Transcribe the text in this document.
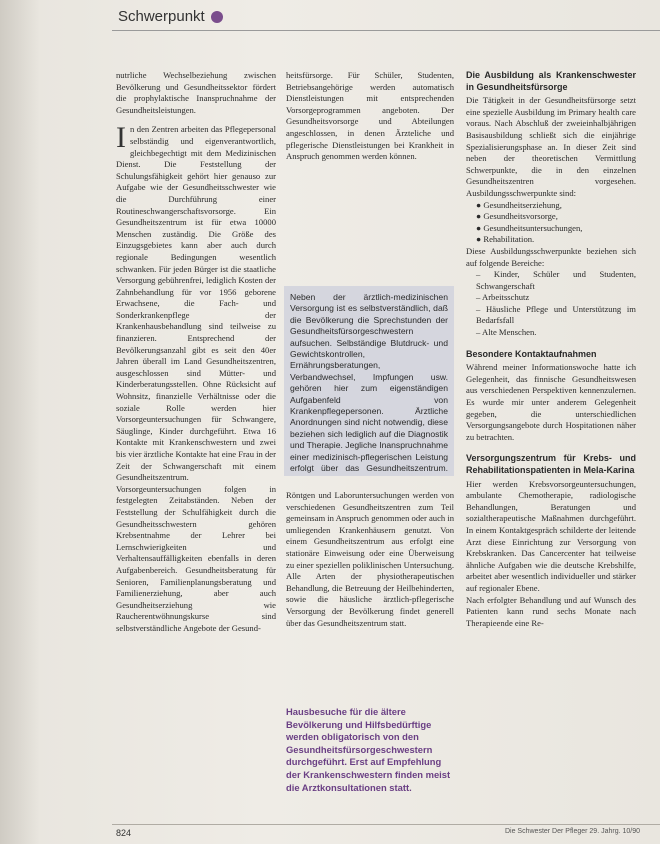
Schwerpunkt

nutrliche Wechselbeziehung zwischen Bevölkerung und Gesundheitssektor fördert die prophylaktische Inanspruchnahme der Gesundheitsleistungen.

I n den Zentren arbeiten das Pflegepersonal selbständig und eigenverantwortlich, gleichbegechtigt mit dem Medizinischen Dienst. Die Feststellung der Schulungsfähigkeit gehört hier genauso zur Aufgabe wie der Gesundheitsschwester wie die Durchführung einer Routineschwangerschaftsvorsorge. Ein Gesundheitszentrum ist für etwa 10000 Menschen zuständig. Die Größe des Einzugsgebietes kann aber auch durch regionale Bedingungen wesentlich schwanken. Für jeden Bürger ist die staatliche Versorgung gebührenfrei, lediglich Kosten der Zahnbehandlung für vor 1956 geborene Erwachsene, die Fach- und Sonderkrankenpflege der Krankenhausbehandlung sind teilweise zu finanzieren. Entsprechend der Bevölkerungsanzahl gibt es seit den 40er Jahren überall im Land Gesundheitszentren, ausgeschlossen sind Mütter- und Kinderberatungsstellen. Ohne Rücksicht auf Wohnsitz, finanzielle Verhältnisse oder die soziale Rolle werden hier Vorsorgeuntersuchungen für Schwangere, Säuglinge, Kinder durchgeführt. Etwa 16 Kontakte mit Krankenschwestern und zwei bis vier ärztliche Kontakte hat eine Frau in der Zeit der Schwangerschaft mit einem Gesundheitszentrum.

Vorsorgeuntersuchungen folgen in festgelegten Zeitabständen. Neben der Feststellung der Schulfähigkeit durch die Gesundheitsschwestern gehören Krebsentnahme der Lehrer bei Lernschwierigkeiten und Verhaltensauffälligkeiten ebenfalls in deren Aufgabenbereich. Gesundheitsberatung für Senioren, Familienplanungsberatung und Familienerziehung, aber auch Gesundheitserziehung wie Raucherentwöhnungskurse sind selbstverständliche Angebote der Gesund-

heitsfürsorge. Für Schüler, Studenten, Betriebsangehörige werden automatisch Dienstleistungen mit entsprechenden Vorsorgeprogrammen angeboten. Der Gesundheitsvorsorge und Abteilungen angeschlossen, in denen Ärzteliche und pflegerische Dienstleistungen bei Krankheit in Anspruch genommen werden können.

Neben der ärztlich-medizinischen Versorgung ist es selbstverständlich, daß die Bevölkerung die Sprechstunden der Gesundheitsfürsorgeschwestern aufsuchen. Selbständige Blutdruck- und Gewichtskontrollen, Ernährungsberatungen, Verbandwechsel, Impfungen usw. gehören hier zum eigenständigen Aufgabenfeld von Krankenpflegepersonen. Ärztliche Anordnungen sind nicht notwendig, diese beziehen sich lediglich auf die Diagnostik und Therapie. Jegliche Inanspruchnahme einer medizinisch-pflegerischen Leistung erfolgt über das Gesundheitszentrum.

Röntgen und Laboruntersuchungen werden von verschiedenen Gesundheitszentren zum Teil gemeinsam in Anspruch genommen oder auch in umliegenden Krankenhäusern genutzt. Von einem Gesundheitszentrum aus erfolgt eine stationäre Einweisung oder eine Überweisung zu einer speziellen poliklinischen Untersuchung. Alle Arten der physiotherapeutischen Behandlung, die Betreuung der Heilbehinderten, sowie die häusliche ärztlich-pflegerische Versorgung der Bevölkerung findet generell über das Gesundheitszentrum statt.

Hausbesuche für die ältere Bevölkerung und Hilfsbedürftige werden obligatorisch von den Gesundheitsfürsorgeschwestern durchgeführt. Erst auf Empfehlung der Krankenschwestern finden meist die Arztkonsultationen statt.
Die Ausbildung als Krankenschwester in Gesundheitsfürsorge

Die Tätigkeit in der Gesundheitsfürsorge setzt eine spezielle Ausbildung im Primary health care voraus. Nach Abschluß der zweieinhalbjährigen Basisausbildung schließt sich die einjährige Spezialisierungsphase an. In dieser Zeit sind neben der theoretischen Vermittlung Schwerpunkte, die in den einzelnen Gesundheitszentren vorgesehen. Ausbildungsschwerpunkte sind:

● Gesundheitserziehung,
● Gesundheitsvorsorge,
● Gesundheitsuntersuchungen,
● Rehabilitation.

Diese Ausbildungsschwerpunkte beziehen sich auf folgende Bereiche:

– Kinder, Schüler und Studenten, Schwangerschaft
– Arbeitsschutz
– Häusliche Pflege und Unterstützung im Bedarfsfall
– Alte Menschen.
Besondere Kontaktaufnahmen

Während meiner Informationswoche hatte ich Gelegenheit, das finnische Gesundheitswesen aus verschiedenen Perspektiven kennenzulernen. Es wurde mir unter anderem Gelegenheit gegeben, die unterschiedlichen Versorgungsangebote durch Hospitationen näher zu betrachten.

Versorgungszentrum für Krebs- und Rehabilitationspatienten in Mela-Karina

Hier werden Krebsvorsorgeuntersuchungen, ambulante Chemotherapie, radiologische Behandlungen, Beratungen und sozialtherapeutische Maßnahmen durchgeführt. In einem Kontaktgespräch schilderte der leitende Arzt diese Einrichtung zur Versorgung von Krebskranken. Das Cancercenter hat teilweise ähnliche Aufgaben wie die deutsche Krebshilfe, arbeitet aber wesentlich individueller und stärker auf regionaler Ebene.

Nach erfolgter Behandlung und auf Wunsch des Patienten kann rund sechs Monate nach Therapieende eine Re-

824	Die Schwester Der Pfleger 29. Jahrg. 10/90
